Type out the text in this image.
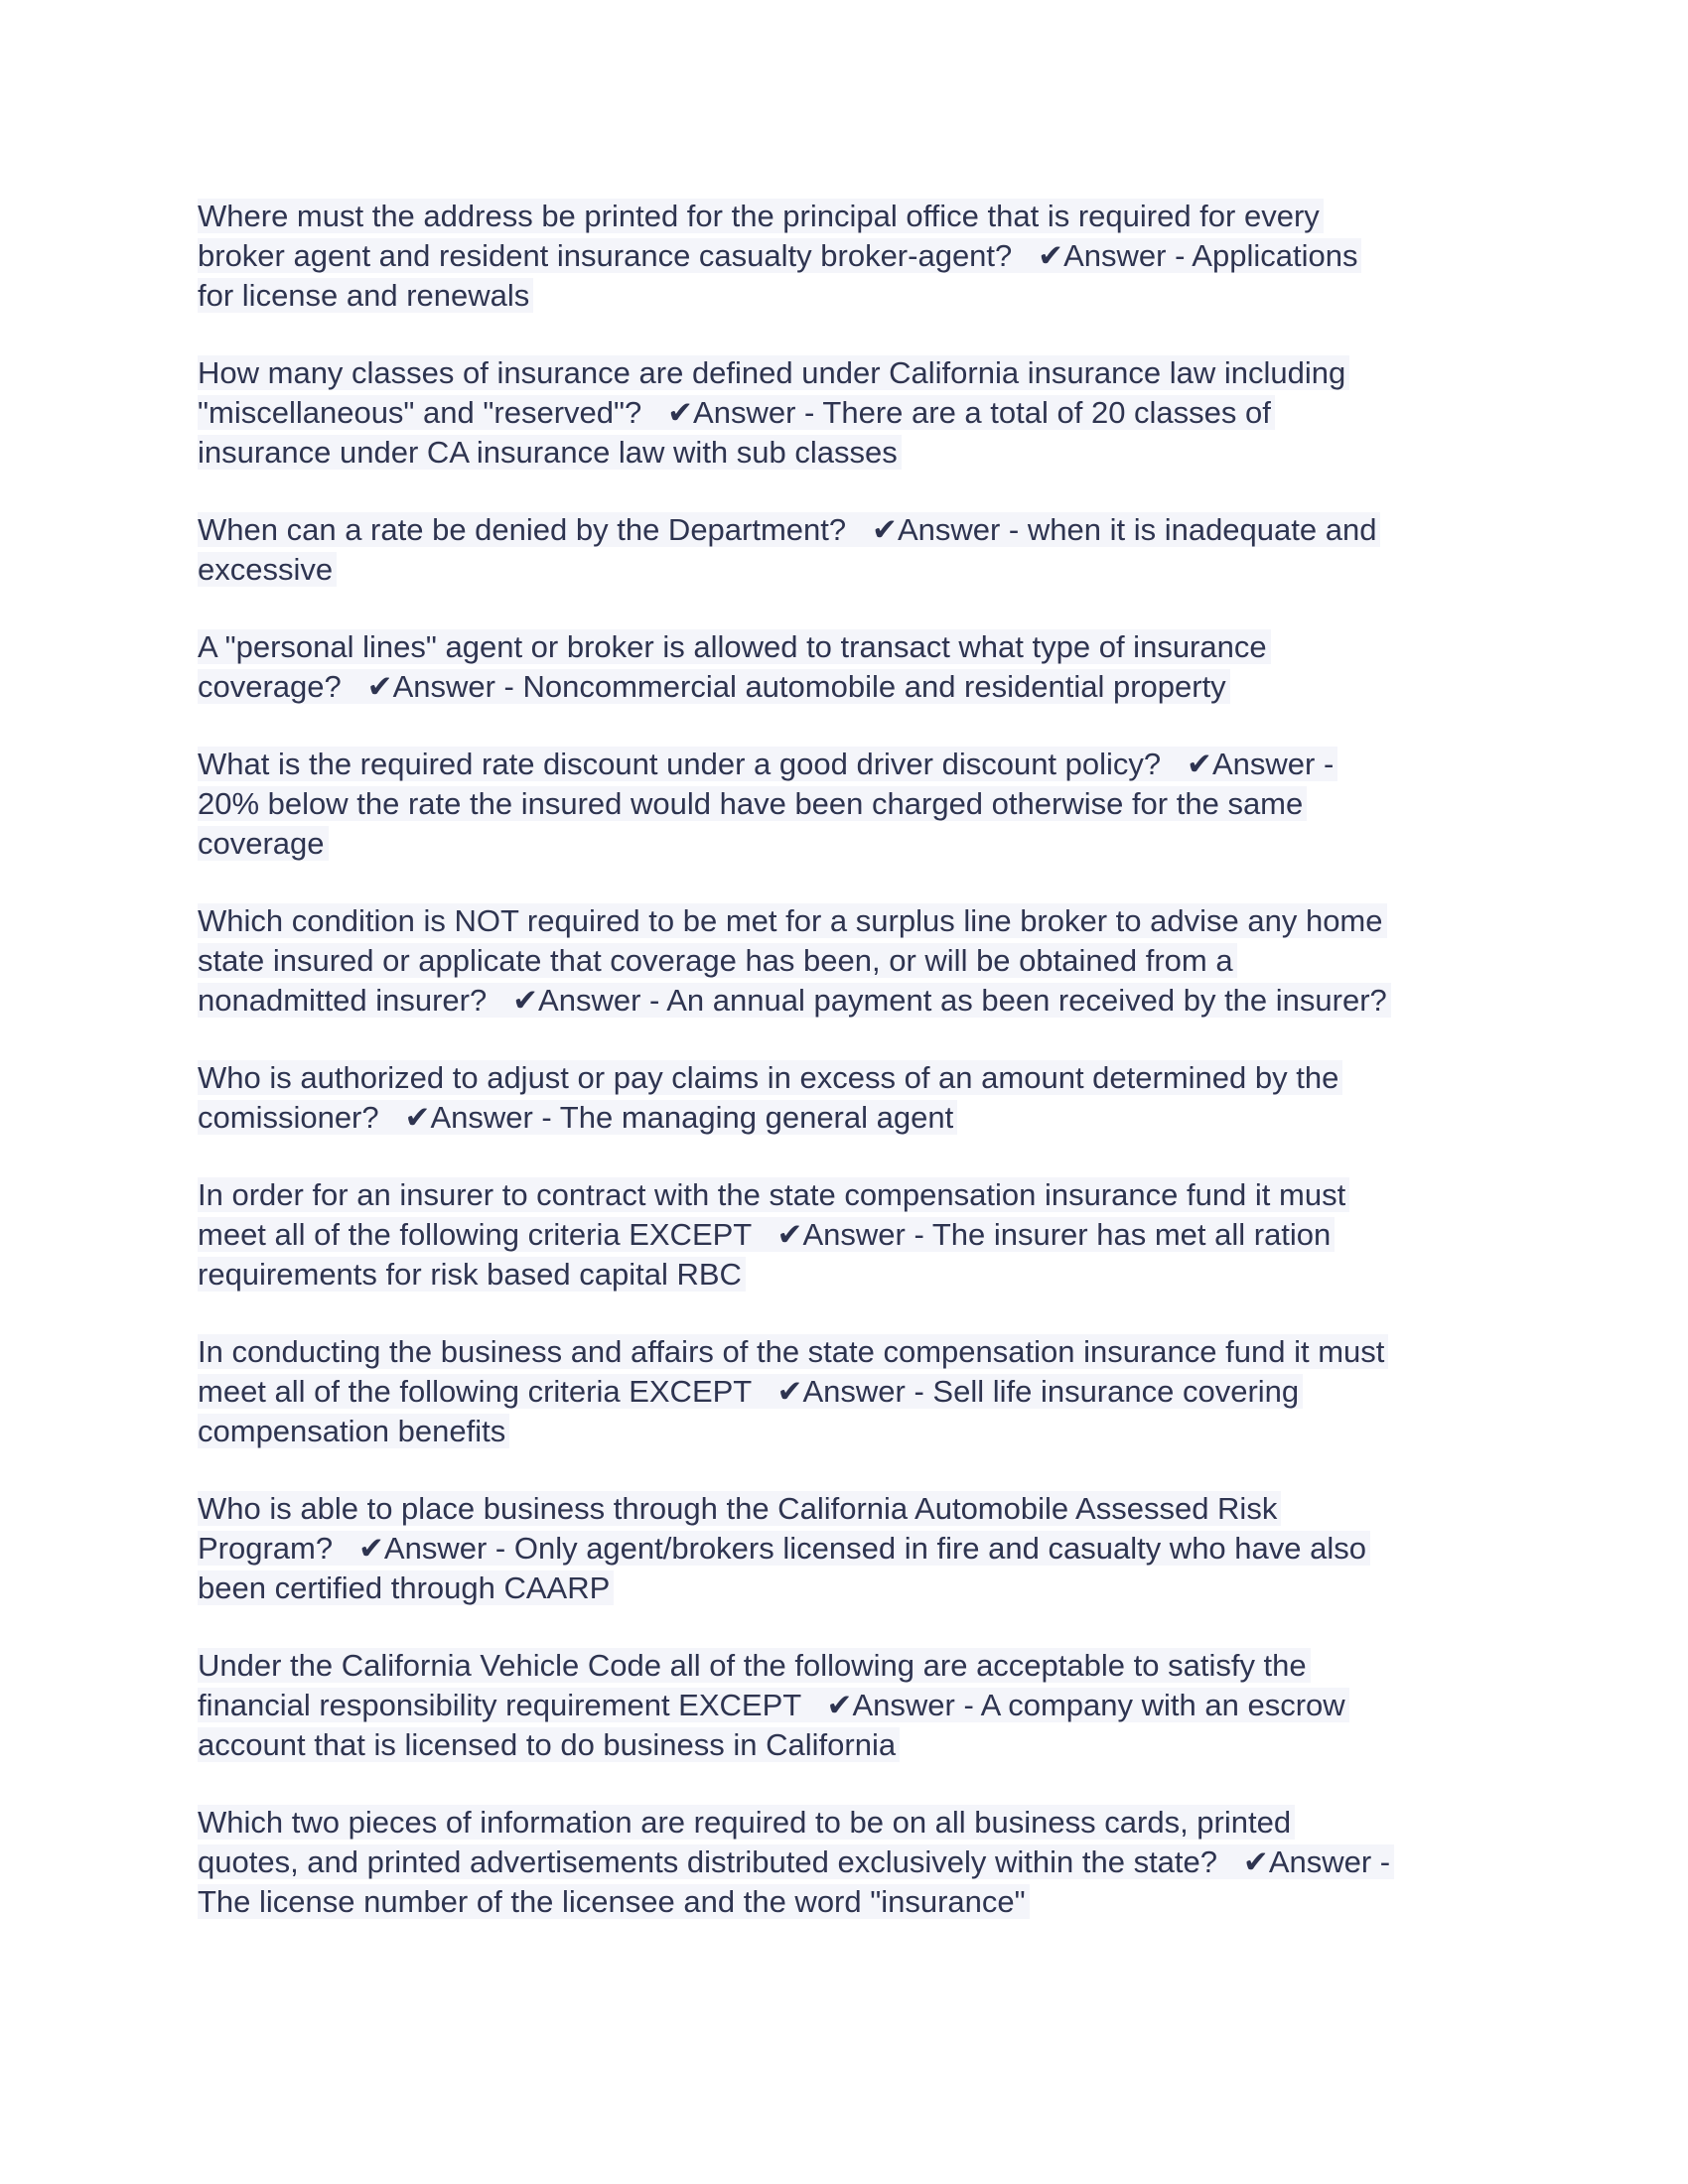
Where must the address be printed for the principal office that is required for every
broker agent and resident insurance casualty broker-agent?   ✔Answer - Applications
for license and renewals
How many classes of insurance are defined under California insurance law including
"miscellaneous" and "reserved"?   ✔Answer - There are a total of 20 classes of
insurance under CA insurance law with sub classes
When can a rate be denied by the Department?   ✔Answer - when it is inadequate and
excessive
A "personal lines" agent or broker is allowed to transact what type of insurance
coverage?   ✔Answer - Noncommercial automobile and residential property
What is the required rate discount under a good driver discount policy?   ✔Answer -
20% below the rate the insured would have been charged otherwise for the same
coverage
Which condition is NOT required to be met for a surplus line broker to advise any home
state insured or applicate that coverage has been, or will be obtained from a
nonadmitted insurer?   ✔Answer - An annual payment as been received by the insurer?
Who is authorized to adjust or pay claims in excess of an amount determined by the
comissioner?   ✔Answer - The managing general agent
In order for an insurer to contract with the state compensation insurance fund it must
meet all of the following criteria EXCEPT   ✔Answer - The insurer has met all ration
requirements for risk based capital RBC
In conducting the business and affairs of the state compensation insurance fund it must
meet all of the following criteria EXCEPT   ✔Answer - Sell life insurance covering
compensation benefits
Who is able to place business through the California Automobile Assessed Risk
Program?   ✔Answer - Only agent/brokers licensed in fire and casualty who have also
been certified through CAARP
Under the California Vehicle Code all of the following are acceptable to satisfy the
financial responsibility requirement EXCEPT   ✔Answer - A company with an escrow
account that is licensed to do business in California
Which two pieces of information are required to be on all business cards, printed
quotes, and printed advertisements distributed exclusively within the state?   ✔Answer -
The license number of the licensee and the word "insurance"
